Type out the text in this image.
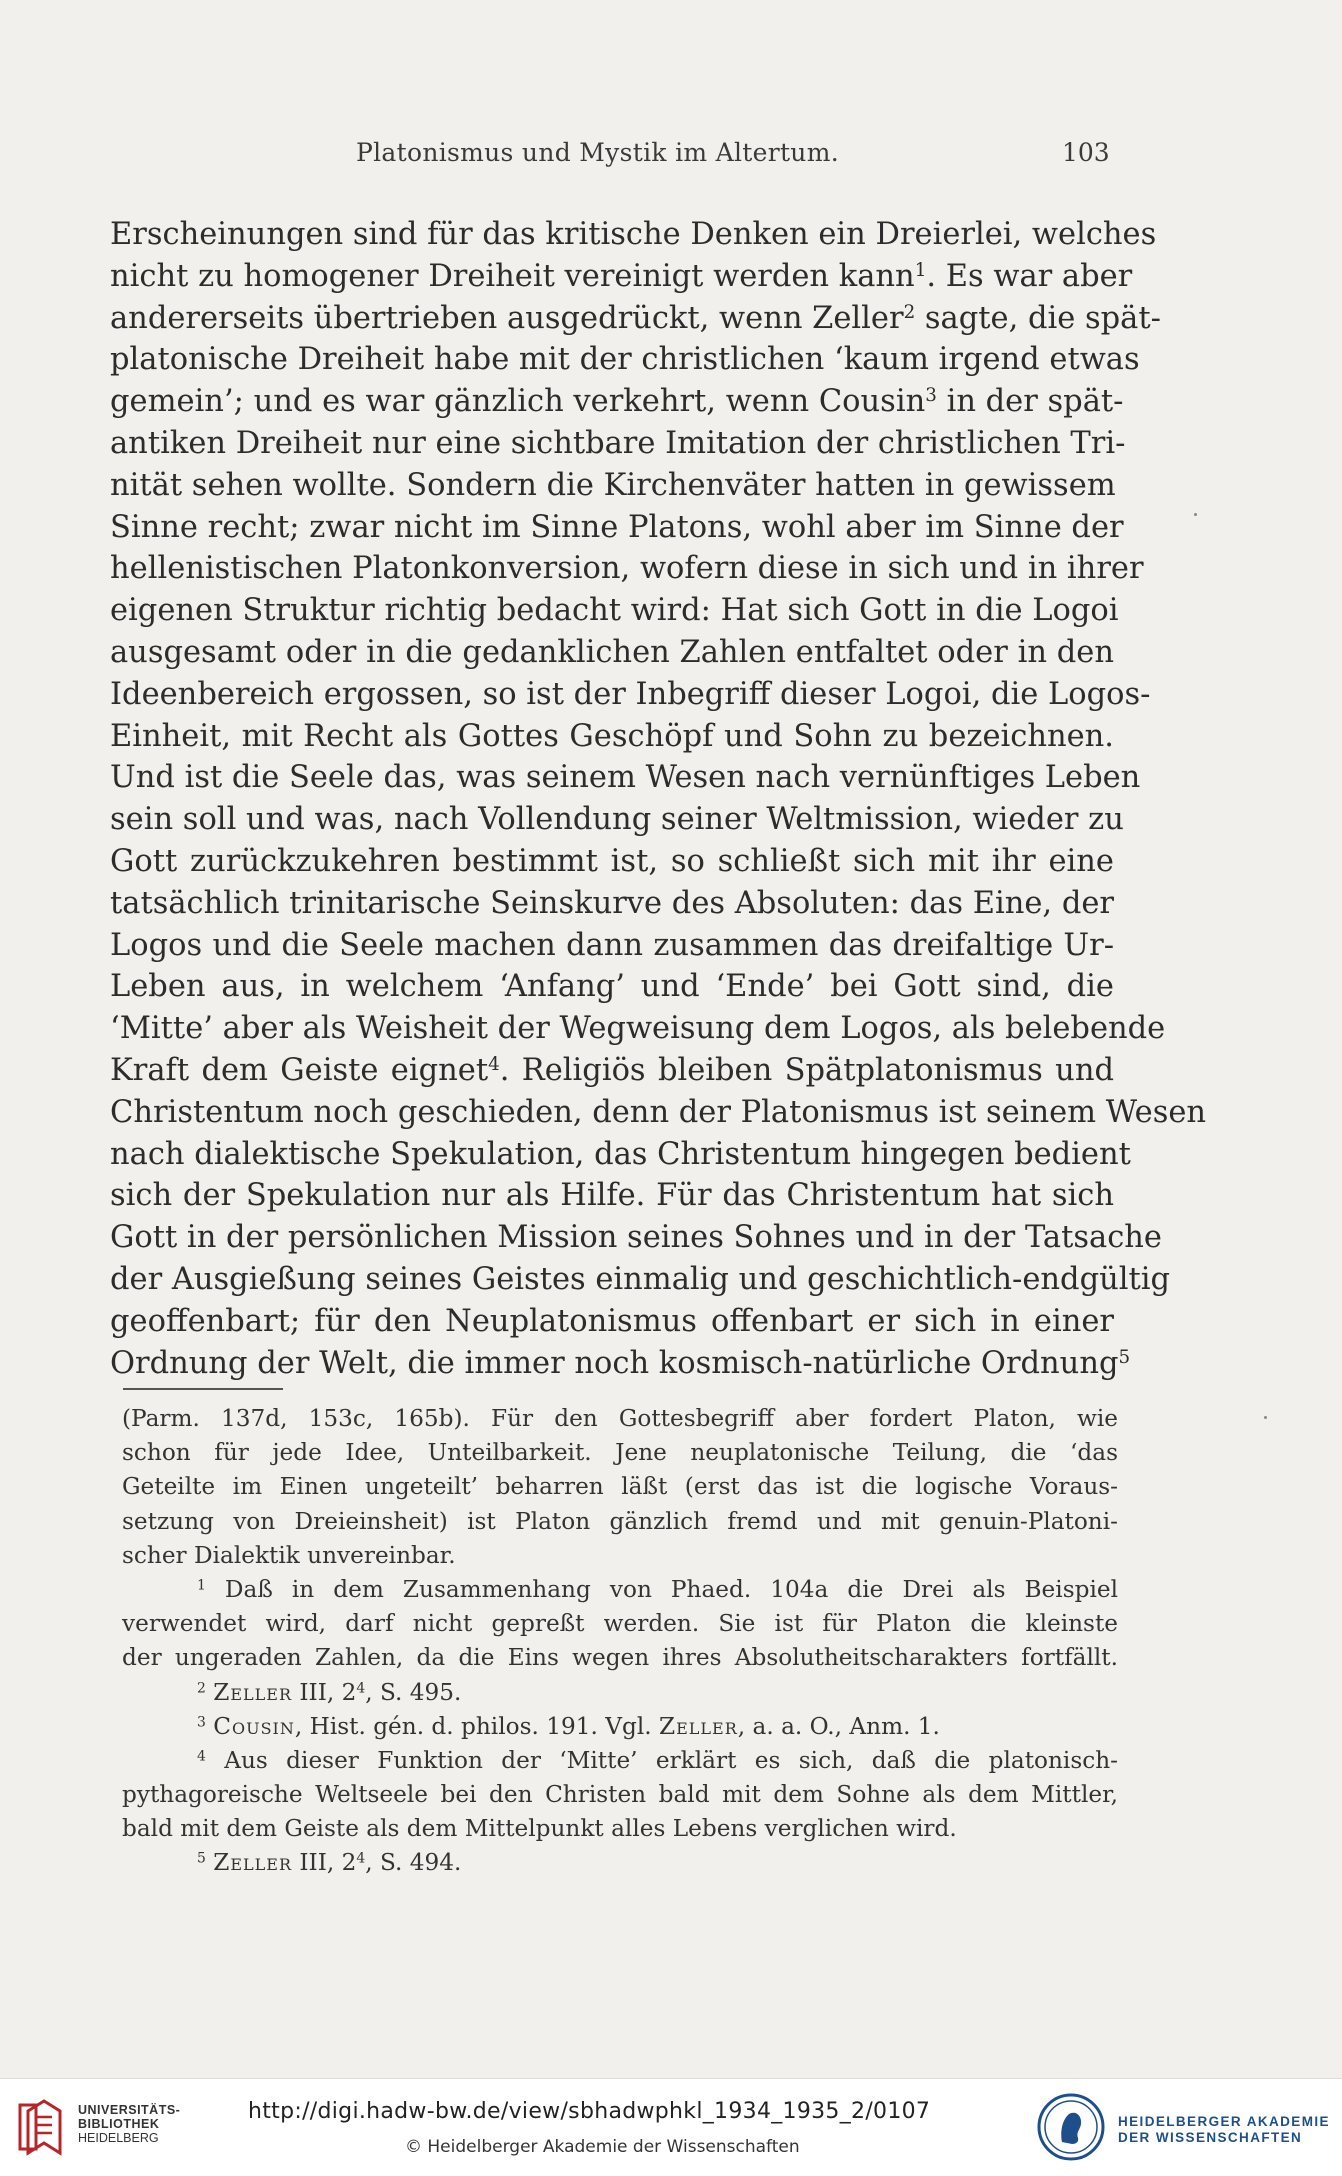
Platonismus und Mystik im Altertum.	103
Erscheinungen sind für das kritische Denken ein Dreierlei, welches
nicht zu homogener Dreiheit vereinigt werden kann$^1$. Es war aber
andererseits übertrieben ausgedrückt, wenn Zeller$^2$ sagte, die spät-
platonische Dreiheit habe mit der christlichen ‘kaum irgend etwas
gemein’; und es war gänzlich verkehrt, wenn Cousin$^3$ in der spät-
antiken Dreiheit nur eine sichtbare Imitation der christlichen Tri-
nität sehen wollte. Sondern die Kirchenväter hatten in gewissem
Sinne recht; zwar nicht im Sinne Platons, wohl aber im Sinne der
hellenistischen Platonkonversion, wofern diese in sich und in ihrer
eigenen Struktur richtig bedacht wird: Hat sich Gott in die Logoi
ausgesamt oder in die gedanklichen Zahlen entfaltet oder in den
Ideenbereich ergossen, so ist der Inbegriff dieser Logoi, die Logos-
Einheit, mit Recht als Gottes Geschöpf und Sohn zu bezeichnen.
Und ist die Seele das, was seinem Wesen nach vernünftiges Leben
sein soll und was, nach Vollendung seiner Weltmission, wieder zu
Gott zurückzukehren bestimmt ist, so schließt sich mit ihr eine
tatsächlich trinitarische Seinskurve des Absoluten: das Eine, der
Logos und die Seele machen dann zusammen das dreifaltige Ur-
Leben aus, in welchem ‘Anfang’ und ‘Ende’ bei Gott sind, die
‘Mitte’ aber als Weisheit der Wegweisung dem Logos, als belebende
Kraft dem Geiste eignet$^4$. Religiös bleiben Spätplatonismus und
Christentum noch geschieden, denn der Platonismus ist seinem Wesen
nach dialektische Spekulation, das Christentum hingegen bedient
sich der Spekulation nur als Hilfe. Für das Christentum hat sich
Gott in der persönlichen Mission seines Sohnes und in der Tatsache
der Ausgießung seines Geistes einmalig und geschichtlich-endgültig
geoffenbart; für den Neuplatonismus offenbart er sich in einer
Ordnung der Welt, die immer noch kosmisch-natürliche Ordnung$^5$
(Parm. 137d, 153c, 165b). Für den Gottesbegriff aber fordert Platon, wie
schon für jede Idee, Unteilbarkeit. Jene neuplatonische Teilung, die ‘das
Geteilte im Einen ungeteilt’ beharren läßt (erst das ist die logische Voraus-
setzung von Dreieinsheit) ist Platon gänzlich fremd und mit genuin-Platoni-
scher Dialektik unvereinbar.
$^1$ Daß in dem Zusammenhang von Phaed. 104a die Drei als Beispiel
verwendet wird, darf nicht gepreßt werden. Sie ist für Platon die kleinste
der ungeraden Zahlen, da die Eins wegen ihres Absolutheitscharakters fortfällt.
$^2$ Zeller III, $2^4$, S. 495.
$^3$ Cousin, Hist. gén. d. philos. 191. Vgl. Zeller, a. a. O., Anm. 1.
$^4$ Aus dieser Funktion der ‘Mitte’ erklärt es sich, daß die platonisch-
pythagoreische Weltseele bei den Christen bald mit dem Sohne als dem Mittler,
bald mit dem Geiste als dem Mittelpunkt alles Lebens verglichen wird.
$^5$ Zeller III, $2^4$, S. 494.
UNIVERSITÄTS-
BIBLIOTHEK
HEIDELBERG
http://digi.hadw-bw.de/view/sbhadwphkl_1934_1935_2/0107
© Heidelberger Akademie der Wissenschaften
HEIDELBERGER AKADEMIE
DER WISSENSCHAFTEN
